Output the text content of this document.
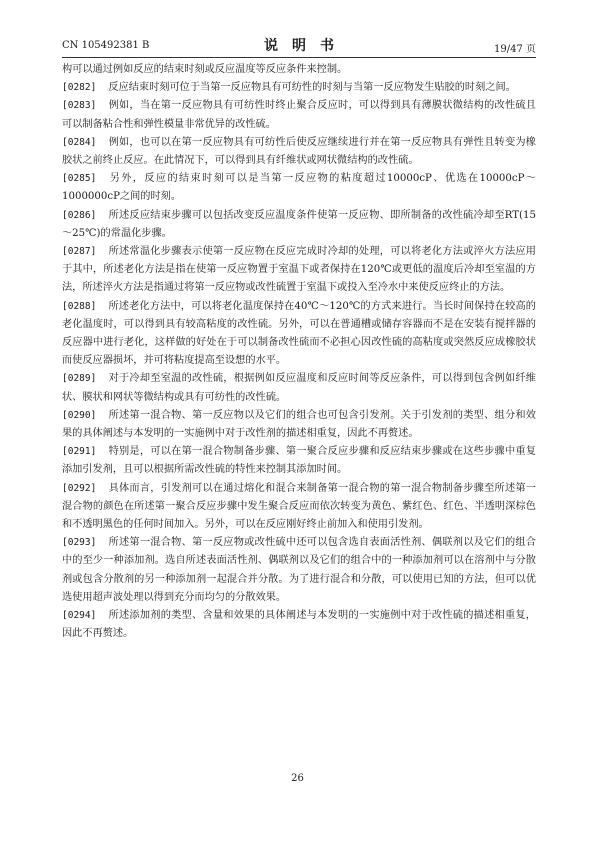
CN 105492381 B	说　明　书	19/47 页

构可以通过例如反应的结束时刻或反应温度等反应条件来控制。

[0282] 反应结束时刻可位于当第一反应物具有可纺性的时刻与当第一反应物发生贴胶的时刻之间。

[0283] 例如，当在第一反应物具有可纺性时终止聚合反应时，可以得到具有薄膜状微结构的改性硫且可以制备粘合性和弹性模量非常优异的改性硫。

[0284] 例如，也可以在第一反应物具有可纺性后使反应继续进行并在第一反应物具有弹性且转变为橡胶状之前终止反应。在此情况下，可以得到具有纤维状或网状微结构的改性硫。

[0285] 另外，反应的结束时刻可以是当第一反应物的粘度超过10000cP、优选在10000cP～1000000cP之间的时刻。

[0286] 所述反应结束步骤可以包括改变反应温度条件使第一反应物、即所制备的改性硫冷却至RT(15～25℃)的常温化步骤。

[0287] 所述常温化步骤表示使第一反应物在反应完成时冷却的处理，可以将老化方法或淬火方法应用于其中，所述老化方法是指在使第一反应物置于室温下或者保持在120℃或更低的温度后冷却至室温的方法，所述淬火方法是指通过将第一反应物或改性硫置于室温下或投入至冷水中来使反应终止的方法。

[0288] 所述老化方法中，可以将老化温度保持在40℃～120℃的方式来进行。当长时间保持在较高的老化温度时，可以得到具有较高粘度的改性硫。另外，可以在普通槽或储存容器而不是在安装有搅拌器的反应器中进行老化，这样做的好处在于可以制备改性硫而不必担心因改性硫的高粘度或突然反应成橡胶状而使反应器损坏，并可将粘度提高至设想的水平。

[0289] 对于冷却至室温的改性硫，根据例如反应温度和反应时间等反应条件，可以得到包含例如纤维状、膜状和网状等微结构或具有可纺性的改性硫。

[0290] 所述第一混合物、第一反应物以及它们的组合也可包含引发剂。关于引发剂的类型、组分和效果的具体阐述与本发明的一实施例中对于改性剂的描述相重复，因此不再赘述。

[0291] 特别是，可以在第一混合物制备步骤、第一聚合反应步骤和反应结束步骤或在这些步骤中重复添加引发剂，且可以根据所需改性硫的特性来控制其添加时间。

[0292] 具体而言，引发剂可以在通过熔化和混合来制备第一混合物的第一混合物制备步骤至所述第一混合物的颜色在所述第一聚合反应步骤中发生聚合反应而依次转变为黄色、紫红色、红色、半透明深棕色和不透明黑色的任何时间加入。另外，可以在反应刚好终止前加入和使用引发剂。

[0293] 所述第一混合物、第一反应物或改性硫中还可以包含选自表面活性剂、偶联剂以及它们的组合中的至少一种添加剂。选自所述表面活性剂、偶联剂以及它们的组合中的一种添加剂可以在溶剂中与分散剂或包含分散剂的另一种添加剂一起混合并分散。为了进行混合和分散，可以使用已知的方法，但可以优选使用超声波处理以得到充分而均匀的分散效果。

[0294] 所述添加剂的类型、含量和效果的具体阐述与本发明的一实施例中对于改性硫的描述相重复，因此不再赘述。

26
